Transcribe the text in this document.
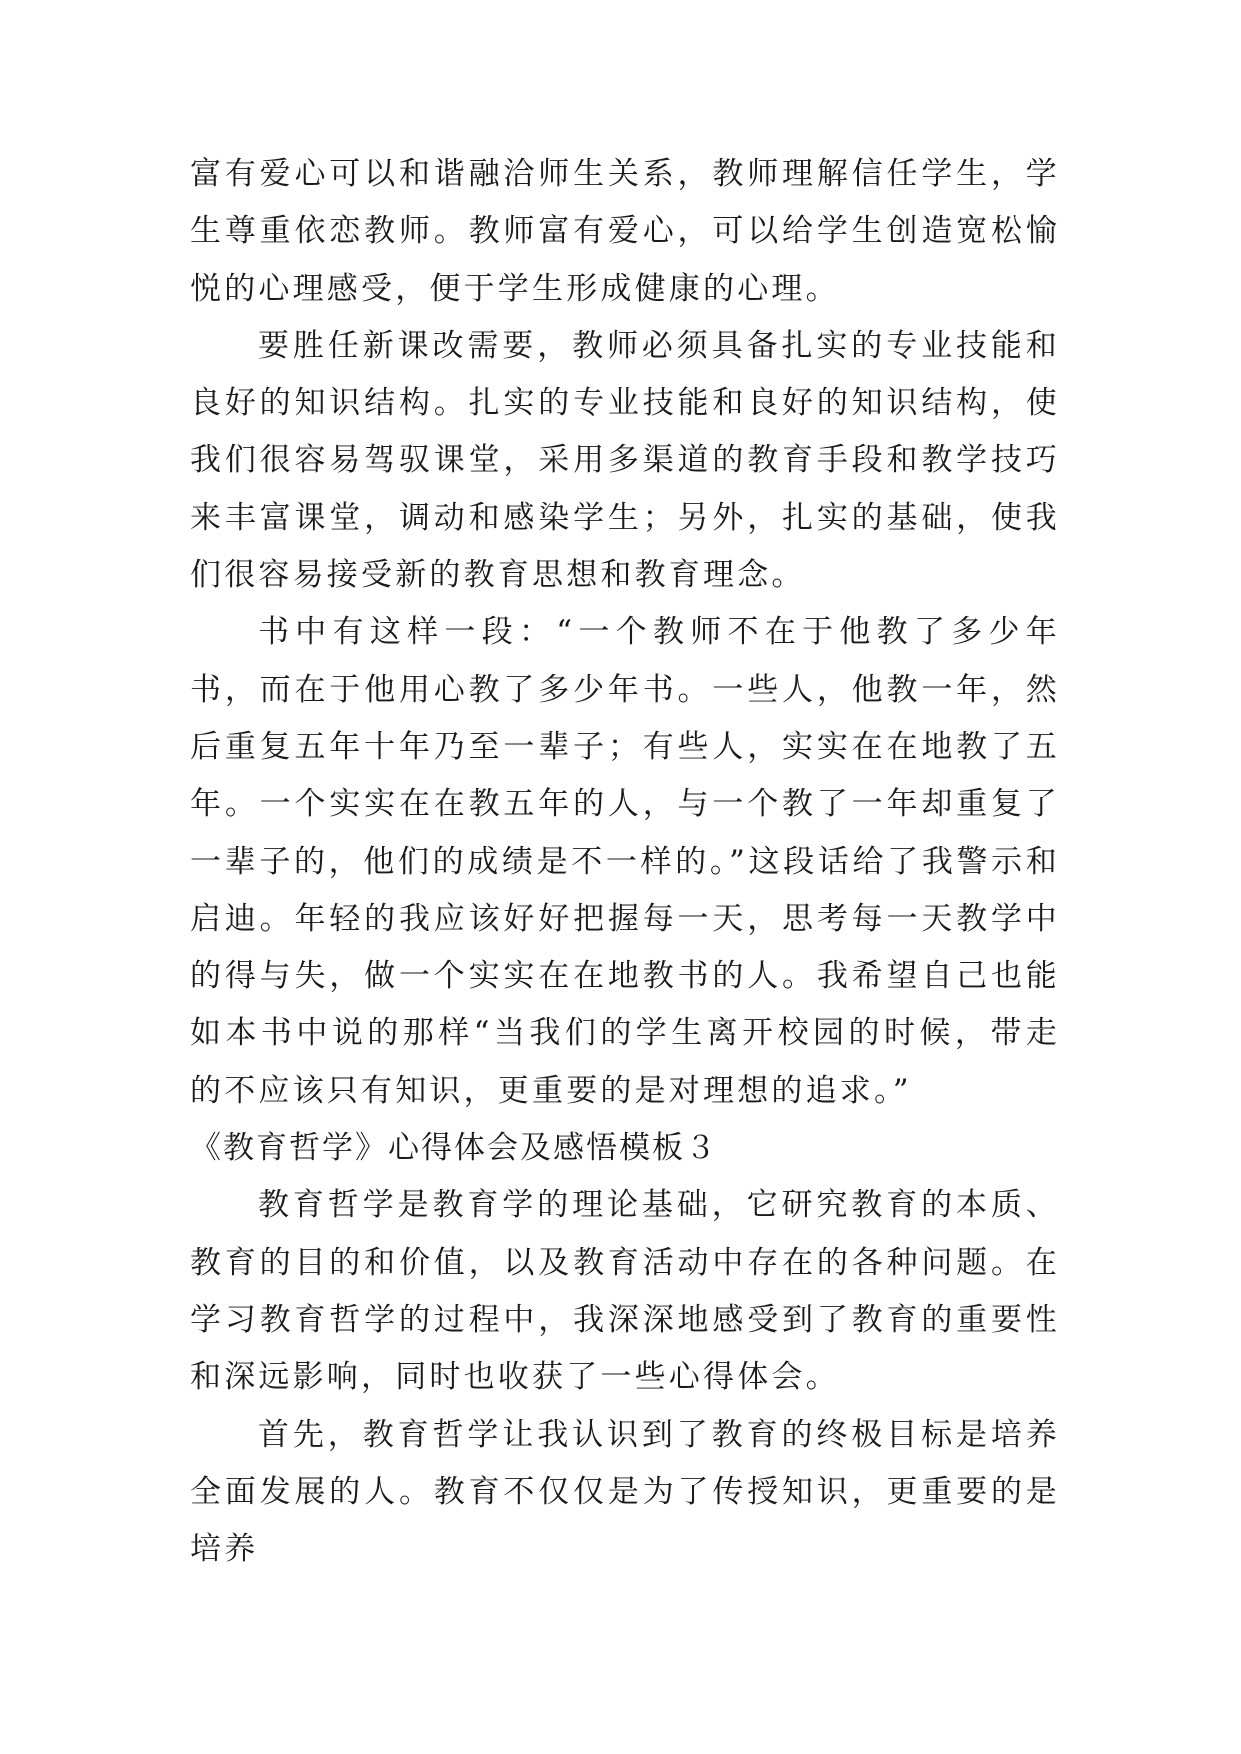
富有爱心可以和谐融洽师生关系，教师理解信任学生，学生尊重依恋教师。教师富有爱心，可以给学生创造宽松愉悦的心理感受，便于学生形成健康的心理。

要胜任新课改需要，教师必须具备扎实的专业技能和良好的知识结构。扎实的专业技能和良好的知识结构，使我们很容易驾驭课堂，采用多渠道的教育手段和教学技巧来丰富课堂，调动和感染学生；另外，扎实的基础，使我们很容易接受新的教育思想和教育理念。

书中有这样一段：“一个教师不在于他教了多少年书，而在于他用心教了多少年书。一些人，他教一年，然后重复五年十年乃至一辈子；有些人，实实在在地教了五年。一个实实在在教五年的人，与一个教了一年却重复了一辈子的，他们的成绩是不一样的。”这段话给了我警示和启迪。年轻的我应该好好把握每一天，思考每一天教学中的得与失，做一个实实在在地教书的人。我希望自己也能如本书中说的那样“当我们的学生离开校园的时候，带走的不应该只有知识，更重要的是对理想的追求。”

《教育哲学》心得体会及感悟模板３

教育哲学是教育学的理论基础，它研究教育的本质、教育的目的和价值，以及教育活动中存在的各种问题。在学习教育哲学的过程中，我深深地感受到了教育的重要性和深远影响，同时也收获了一些心得体会。

首先，教育哲学让我认识到了教育的终极目标是培养全面发展的人。教育不仅仅是为了传授知识，更重要的是培养
